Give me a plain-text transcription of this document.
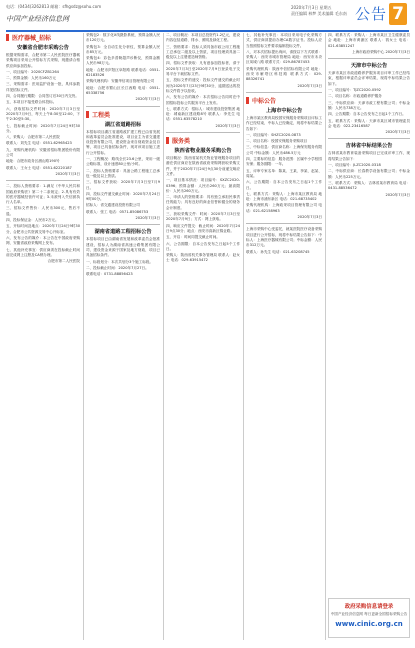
电话：(0434)3262813 邮箱：sfhgsdz@sohu.com
中国产业经济信息网
2020年7月3日 星期五
责任编辑 林梦 美术编辑 毛东南 公告 7
医疗器械_招标
安徽省合肥市采购公告
根据采购需求，合肥市第二人民医院医疗器械采购项目采用公开招标方式采购，现邀请合格供应商参加投标。
一、项目编号：2020CFZB1264
二、预算金额：人民币160万元
三、采购需求：医用监护设备一批，具体参数详见招标文件。
四、合同履行期限：合同签订后30日内交货。
五、本项目不接受联合体投标。
六、获取招标文件时间：2020年7月3日至2020年7月9日，每天上午8:30至12:00，下午2:30至5:30。
七、投标截止时间：2020年7月24日9时30分。
八、采购人：合肥市第二人民医院
联系人：刘先生 电话：0551-62965423
九、采购代理机构：安徽省招标集团股份有限公司
地址：合肥市政务区潜山路190号
联系人：王女士 电话：0551-62220187
2020年7月3日
二、投标人资格要求：1.满足《中华人民共和国政府采购法》第二十二条规定；2.具有有效的医疗器械经营许可证；3.未被列入失信被执行人名单。
三、招标文件售价：人民币300元，售后不退。
四、投标保证金：人民币2万元。
五、开标时间及地点：2020年7月24日9时30分，合肥市公共资源交易中心开标室。
六、发布公告的媒介：本公告在中国政府采购网、安徽省政府采购网上发布。
七、其他补充事宜：供应商须在投标截止时间前完成网上注册及CA锁办理。
合肥市第二人民医院
采购包2：数字化X线摄影系统，预算金额人民币120万元。
采购包3：全自动生化分析仪，预算金额人民币85万元。
采购包4：彩色多普勒超声诊断仪，预算金额人民币98万元。
地址：合肥市庐阳区阜阳路 联系电话：0551-62183526
采购代理机构：安徽华信项目管理有限公司
地址：合肥市蜀山区长江西路 电话：0551-65338756
2020年7月3日
工程类
湖江省道路招标
本招标项目湖江省道路改扩建工程已由省发展和改革委员会批准建设，项目业主为省交通建设投资有限公司，建设资金来自财政资金及自筹，项目已具备招标条件，现对该项目施工进行公开招标。
一、工程概况：路线全长23.6公里，采用一级公路标准，设计速度80公里/小时。
二、投标人资格要求：具备公路工程施工总承包一级及以上资质。
三、招标文件获取：2020年7月3日至7月9日。
四、投标文件递交截止时间：2020年7月24日9时00分。
招标人：省交通建设投资有限公司
联系人：张工 电话：0571-85086753
2020年7月3日
湖南省道路工程招标公告
本招标项目已由湖南省发展和改革委员会批准建设，招标人为湖南省高速公路集团有限公司，建设资金来源于国家及地方财政，项目已具备招标条件。
一、标段划分：本次共划分3个施工标段。
二、投标截止时间：2020年7月27日。
联系电话：0731-88856423
二、项目概况：本项目总投资约1.2亿元，建设内容包括道路、排水、照明及绿化工程。
三、资格要求：投标人须具备市政公用工程施工总承包二级及以上资质，项目经理须具备二级及以上注册建造师资格。
四、招标文件获取：凡有意参加投标者，请于2020年7月3日至2020年7月9日登录电子交易平台下载招标文件。
五、投标文件的递交：投标文件递交的截止时间为2020年7月23日9时30分，逾期送达的投标文件将予以拒收。
六、发布公告的媒介：本次招标公告同时在中国招标投标公共服务平台上发布。
七、联系方式：招标人：城市建设投资集团 地址：城南新区建设路8号 联系人：李先生 电话：0551-63578210
2020年7月3日
服务类
陕西省物业服务采购公告
项目概况：陕西省某机关物业管理服务项目的潜在供应商应在陕西省政府采购网获取采购文件，并于2020年7月24日9点30分前递交响应文件。
一、项目基本情况：项目编号：SXZC2020-0396；预算金额：人民币260万元；最高限价：人民币260万元。
二、申请人的资格要求：具有独立承担民事责任的能力；具有良好的商业信誉和健全的财务会计制度。
三、获取采购文件：时间：2020年7月3日至2020年7月9日；方式：网上获取。
四、响应文件提交：截止时间：2020年7月24日9点30分；地点：西安市高新区锦业路。
五、开启：时间同提交截止时间。
六、公告期限：自本公告发布之日起5个工作日。
采购人：陕西省机关事务管理局 联系人：赵女士 电话：029-63915472
七、其他补充事宜：本项目采用电子化采购方式，供应商须提前办理CA数字证书。投标人应当按照招标文件要求编制投标文件。
八、对本次招标提出询问，请按以下方式联系：采购人：西安市城市管理局 地址：西安市未央区凤城八路 联系方式：029-86787453
采购代理机构：陕西中信招标有限公司 地址：西安市雁塔区科技路 联系方式：029-88326741
2020年7月3日
中标公告
上海市中标公告
上海市某区教育局校园安保服务采购项目评标工作已经结束，中标人已经确定，现将中标结果公告如下：
一、项目编号：SHZC2020-0873
二、项目名称：校园安保服务采购项目
三、中标信息：供应商名称：上海保安服务有限公司 中标金额：人民币486.5万元
四、主要标的信息：服务范围：区属中小学校园安保；服务期限：一年。
五、评审专家名单：陈某、王某、李某、赵某、周某。
六、公告期限：自本公告发布之日起1个工作日。
七、联系方式：采购人：上海市某区教育局 地址：上海市浦东新区 电话：021-68735402
采购代理机构：上海政采项目管理有限公司 电话：021-62158963
2020年7月3日
上海市采购中心受委托，就某医院医疗设备采购项目进行公开招标，现将中标结果公告如下：中标人：上海医疗器械有限公司；中标金额：人民币312万元。
联系人：孙先生 电话：021-63208745
四、联系方式：采购人：上海市某区卫生健康委员会 地址：上海市黄浦区 联系人：钱女士 电话：021-63851247
上海市政府采购中心 2020年7月3日
天津市中标公告
天津市某区市政道路养护服务项目评审工作已经结束，根据评审委员会评审结果，现将中标结果公告如下。
一、项目编号：TJZC2020-0592
二、项目名称：市政道路养护服务
三、中标供应商：天津市政工程有限公司；中标金额：人民币738万元。
四、公告期限：自本公告发布之日起1个工作日。
五、联系方式：采购人：天津市某区城市管理委员会 电话：022-23416587
2020年7月3日
吉林省中标结果公告
吉林省某市教育装备采购项目已完成评审工作，现将结果公告如下：
一、项目编号：JLZC2020-0318
二、中标供应商：长春教学设备有限公司；中标金额：人民币225万元。
三、联系方式：采购人：吉林省某市教育局 电话：0431-88536472
2020年7月3日
政府采购信息请登录
中国产业经济信息网 每日更新全国招标采购公告
www.cinic.org.cn
